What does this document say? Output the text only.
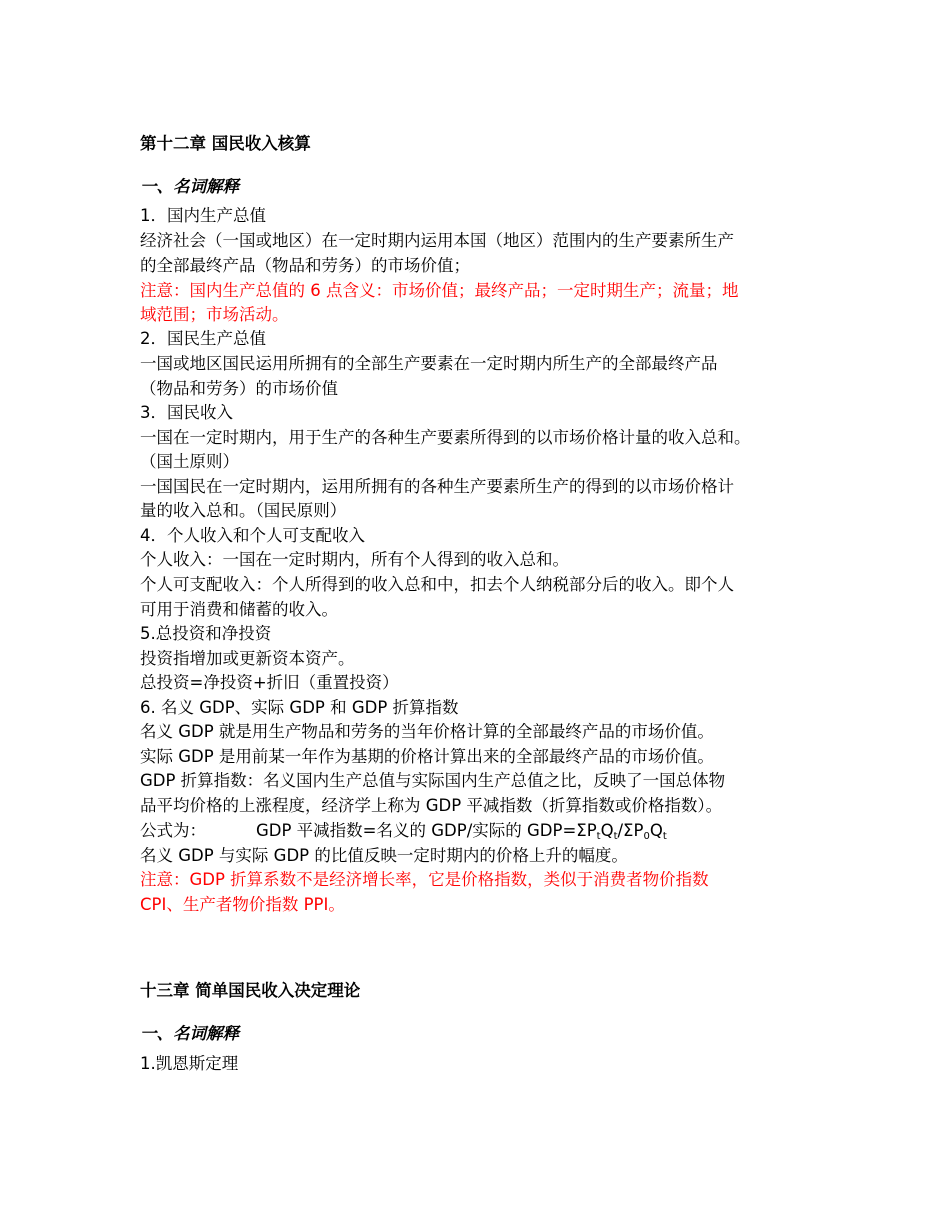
第十二章 国民收入核算
一、名词解释
1．国内生产总值
经济社会（一国或地区）在一定时期内运用本国（地区）范围内的生产要素所生产
的全部最终产品（物品和劳务）的市场价值；
注意：国内生产总值的 6 点含义：市场价值；最终产品；一定时期生产；流量；地
域范围；市场活动。
2．国民生产总值
一国或地区国民运用所拥有的全部生产要素在一定时期内所生产的全部最终产品
（物品和劳务）的市场价值
3．国民收入
一国在一定时期内，用于生产的各种生产要素所得到的以市场价格计量的收入总和。
（国土原则）
一国国民在一定时期内，运用所拥有的各种生产要素所生产的得到的以市场价格计
量的收入总和。（国民原则）
4．个人收入和个人可支配收入
个人收入：一国在一定时期内，所有个人得到的收入总和。
个人可支配收入：个人所得到的收入总和中，扣去个人纳税部分后的收入。即个人
可用于消费和储蓄的收入。
5.总投资和净投资
投资指增加或更新资本资产。
总投资=净投资+折旧（重置投资）
6. 名义 GDP、实际 GDP 和 GDP 折算指数
名义 GDP 就是用生产物品和劳务的当年价格计算的全部最终产品的市场价值。
实际 GDP 是用前某一年作为基期的价格计算出来的全部最终产品的市场价值。
GDP 折算指数：名义国内生产总值与实际国内生产总值之比，反映了一国总体物
品平均价格的上涨程度，经济学上称为 GDP 平减指数（折算指数或价格指数）。
公式为：	GDP 平减指数=名义的 GDP/实际的 $GDP=\Sigma P_tQ_t/\Sigma P_0Q_t$
名义 GDP 与实际 GDP 的比值反映一定时期内的价格上升的幅度。
注意：GDP 折算系数不是经济增长率，它是价格指数，类似于消费者物价指数
CPI、生产者物价指数 PPI。
十三章 简单国民收入决定理论
一、名词解释
1.凯恩斯定理
